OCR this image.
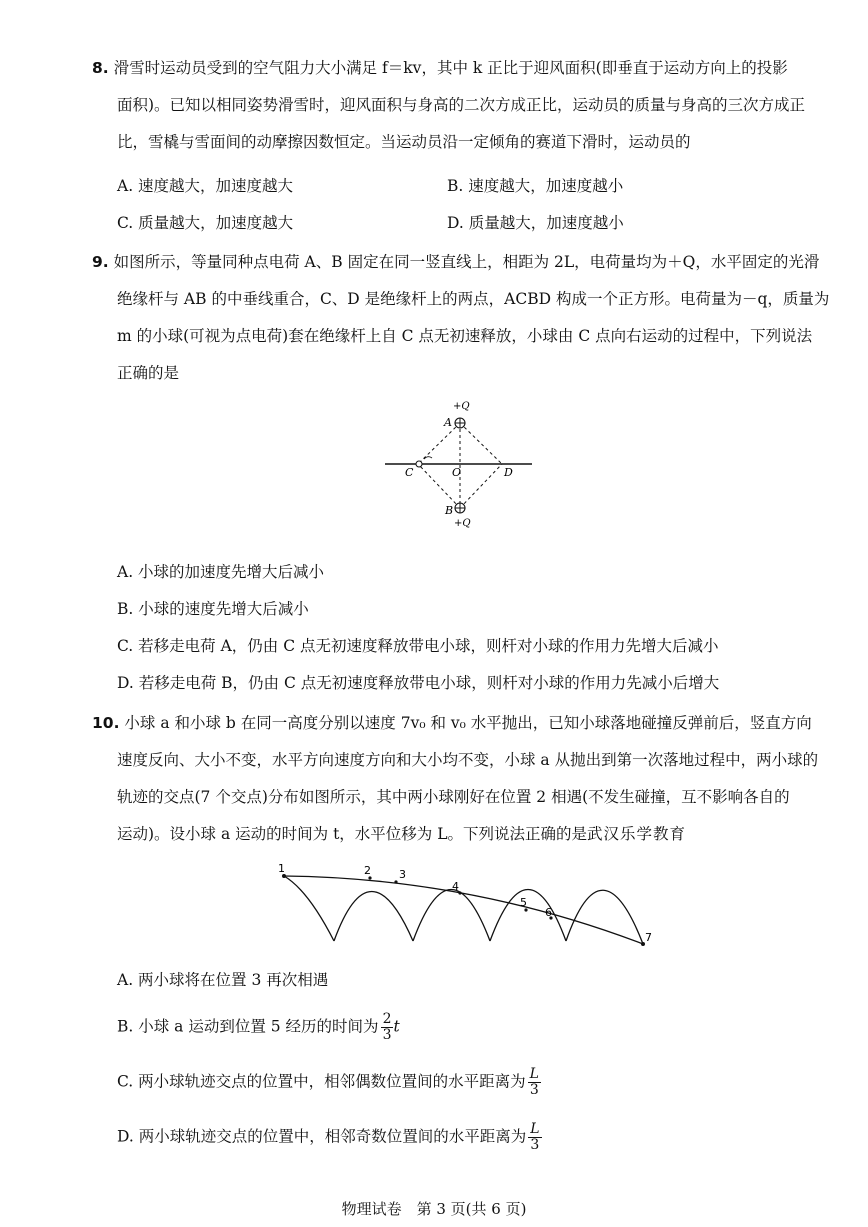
8. 滑雪时运动员受到的空气阻力大小满足 f＝kv，其中 k 正比于迎风面积(即垂直于运动方向上的投影
面积)。已知以相同姿势滑雪时，迎风面积与身高的二次方成正比，运动员的质量与身高的三次方成正
比，雪橇与雪面间的动摩擦因数恒定。当运动员沿一定倾角的赛道下滑时，运动员的
A. 速度越大，加速度越大	B. 速度越大，加速度越小
C. 质量越大，加速度越大	D. 质量越大，加速度越小
9. 如图所示，等量同种点电荷 A、B 固定在同一竖直线上，相距为 2L，电荷量均为＋Q，水平固定的光滑
绝缘杆与 AB 的中垂线重合，C、D 是绝缘杆上的两点，ACBD 构成一个正方形。电荷量为－q，质量为
m 的小球(可视为点电荷)套在绝缘杆上自 C 点无初速释放，小球由 C 点向右运动的过程中，下列说法
正确的是
+Q
A
C	O	D
B
+Q
A. 小球的加速度先增大后减小
B. 小球的速度先增大后减小
C. 若移走电荷 A，仍由 C 点无初速度释放带电小球，则杆对小球的作用力先增大后减小
D. 若移走电荷 B，仍由 C 点无初速度释放带电小球，则杆对小球的作用力先减小后增大
10. 小球 a 和小球 b 在同一高度分别以速度 7v₀ 和 v₀ 水平抛出，已知小球落地碰撞反弹前后，竖直方向
速度反向、大小不变，水平方向速度方向和大小均不变，小球 a 从抛出到第一次落地过程中，两小球的
轨迹的交点(7 个交点)分布如图所示，其中两小球刚好在位置 2 相遇(不发生碰撞，互不影响各自的
运动)。设小球 a 运动的时间为 t，水平位移为 L。下列说法正确的是武汉乐学教育
1	2	3
4
5
6
7
A. 两小球将在位置 3 再次相遇
B. 小球 a 运动到位置 5 经历的时间为 $\frac{2}{3}$ t
C. 两小球轨迹交点的位置中，相邻偶数位置间的水平距离为 $\frac{L}{3}$
D. 两小球轨迹交点的位置中，相邻奇数位置间的水平距离为 $\frac{L}{3}$
物理试卷　第 3 页(共 6 页)
